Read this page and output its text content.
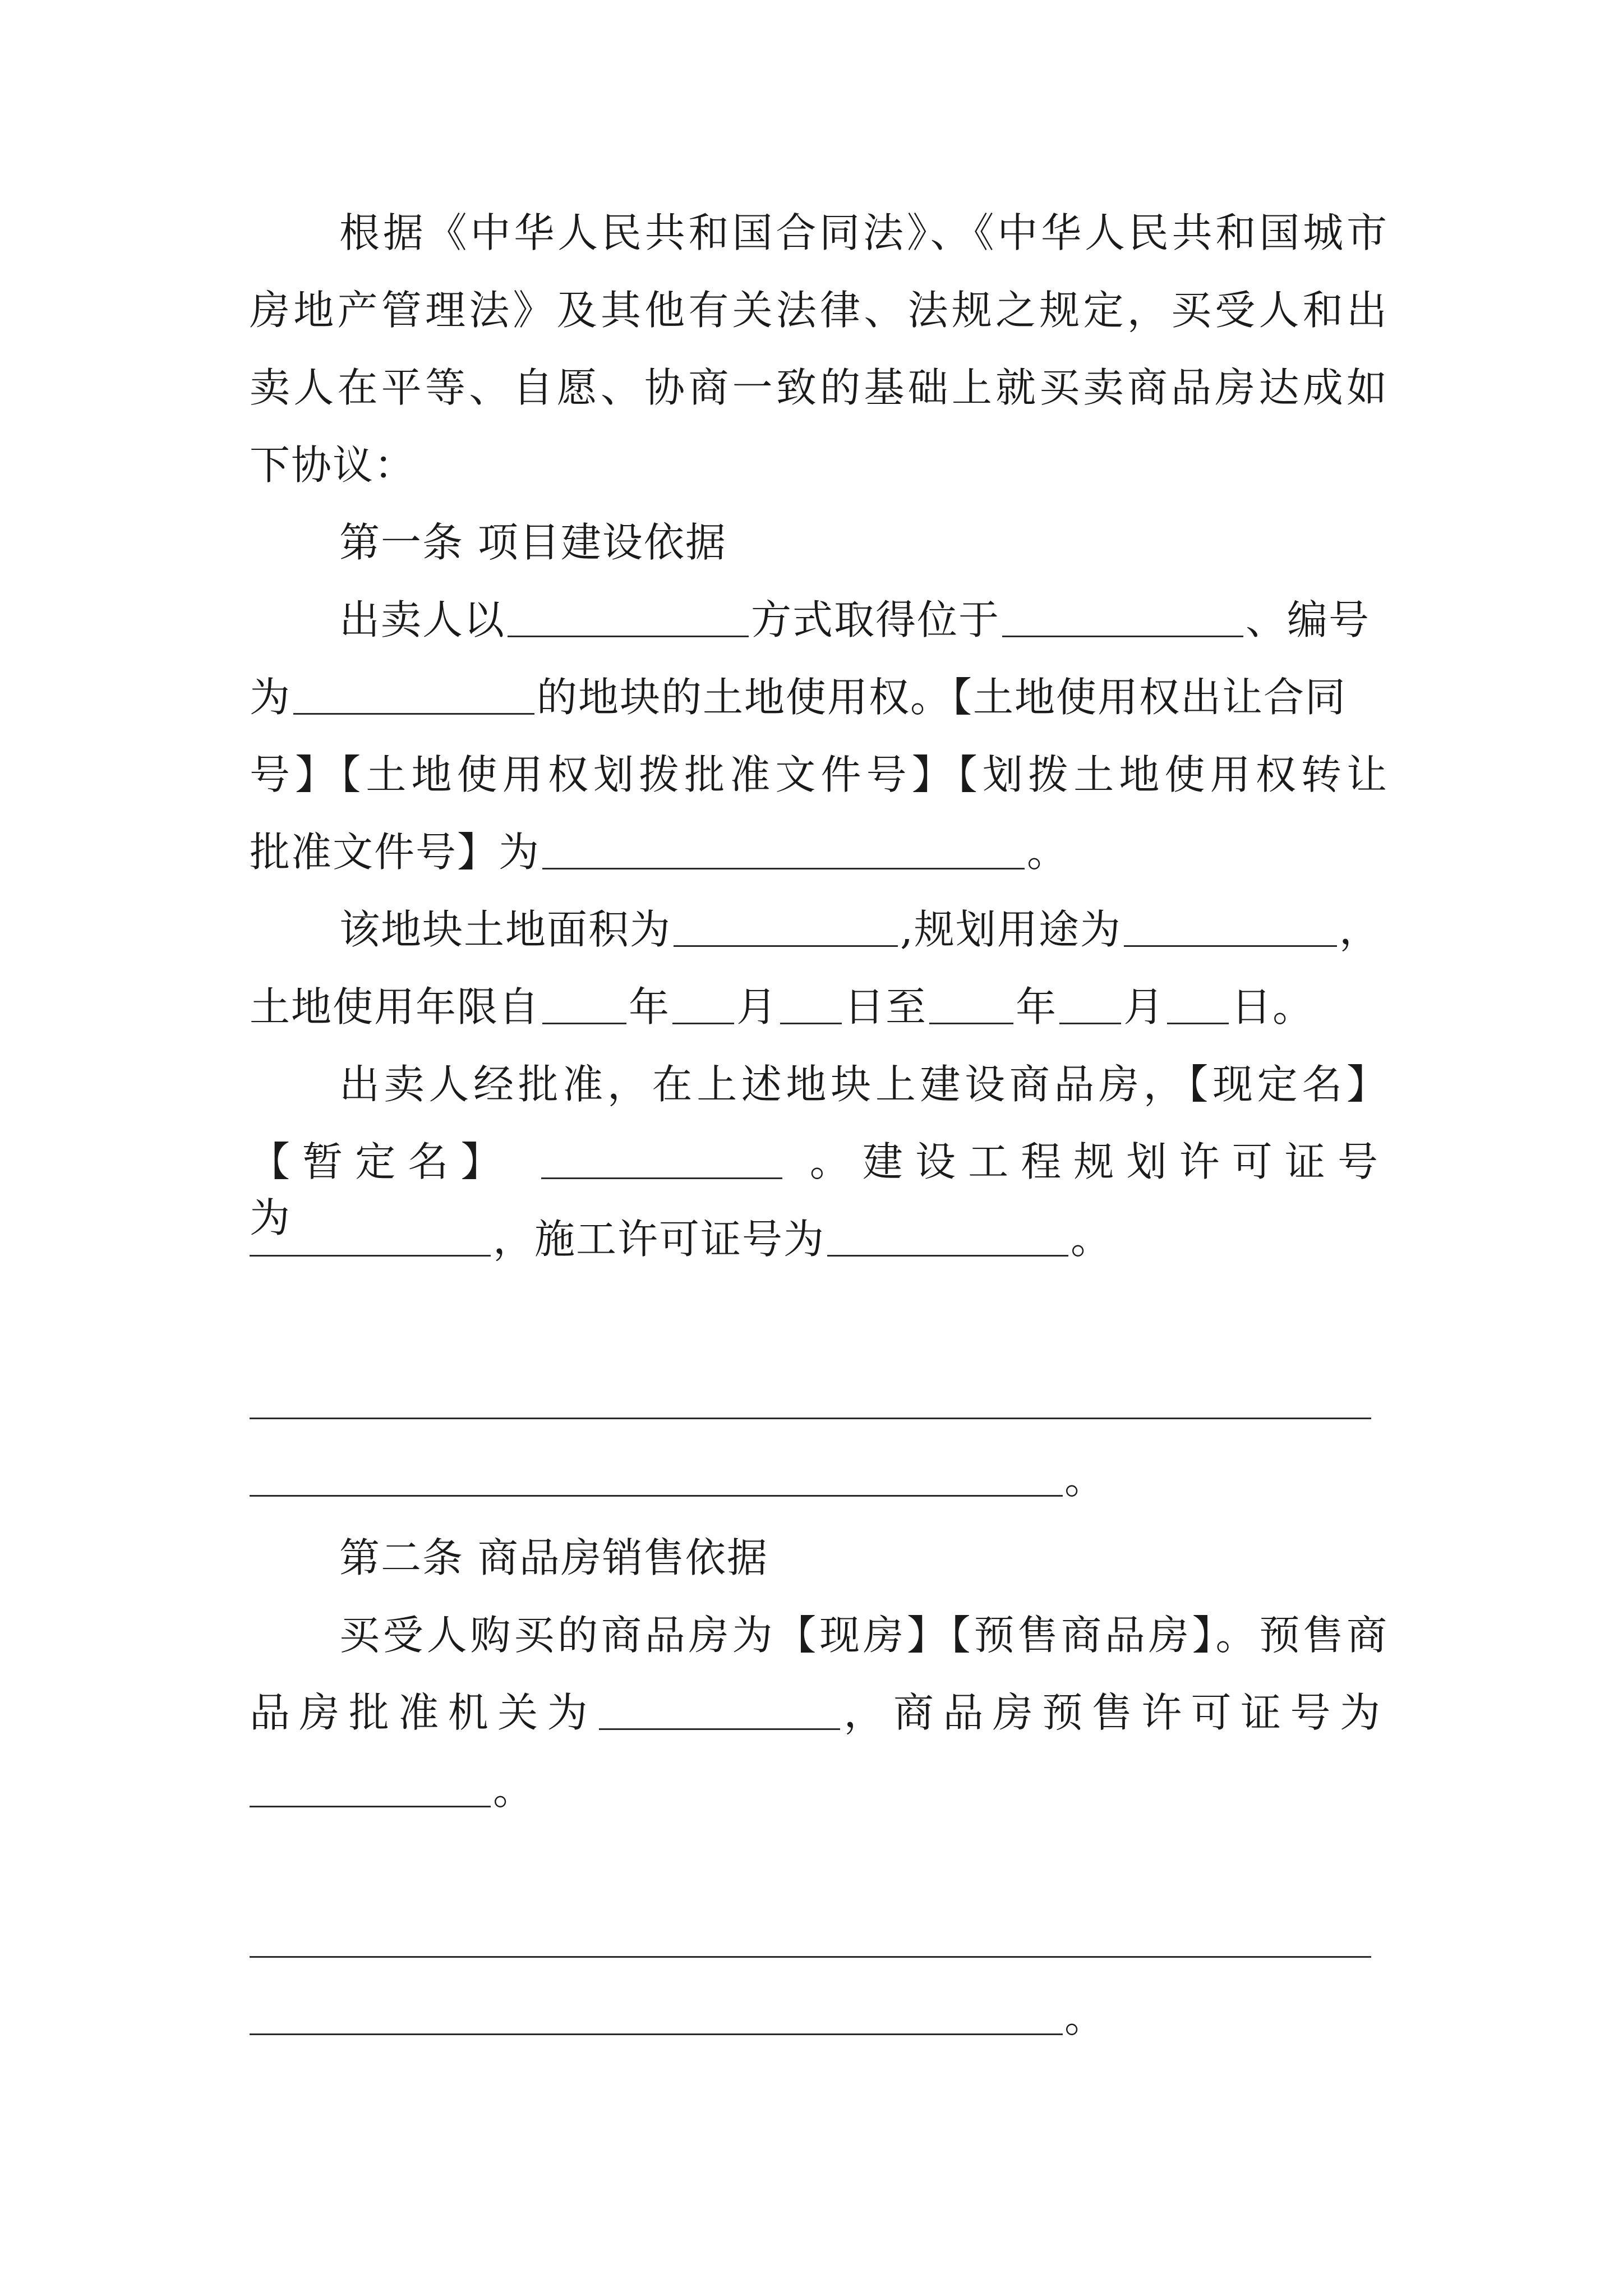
根据《中华人民共和国合同法》、《中华人民共和国城市
房地产管理法》及其他有关法律、法规之规定，买受人和出
卖人在平等、自愿、协商一致的基础上就买卖商品房达成如
下协议：
第一条 项目建设依据
出卖人以	方式取得位于	、编号
为	的地块的土地使用权。【土地使用权出让合同
号】【土地使用权划拨批准文件号】【划拨土地使用权转让
批准文件号】为	。
该地块土地面积为	,规划用途为	，
土地使用年限自 年 月 日至 年 月 日。
出卖人经批准，在上述地块上建设商品房，【现定名】
【暂定名】	。建设工程规划许可证号为	，施工许可证号为	。
。
第二条 商品房销售依据
买受人购买的商品房为【现房】【预售商品房】。预售商
品房批准机关为	，商品房预售许可证号为
。
。
